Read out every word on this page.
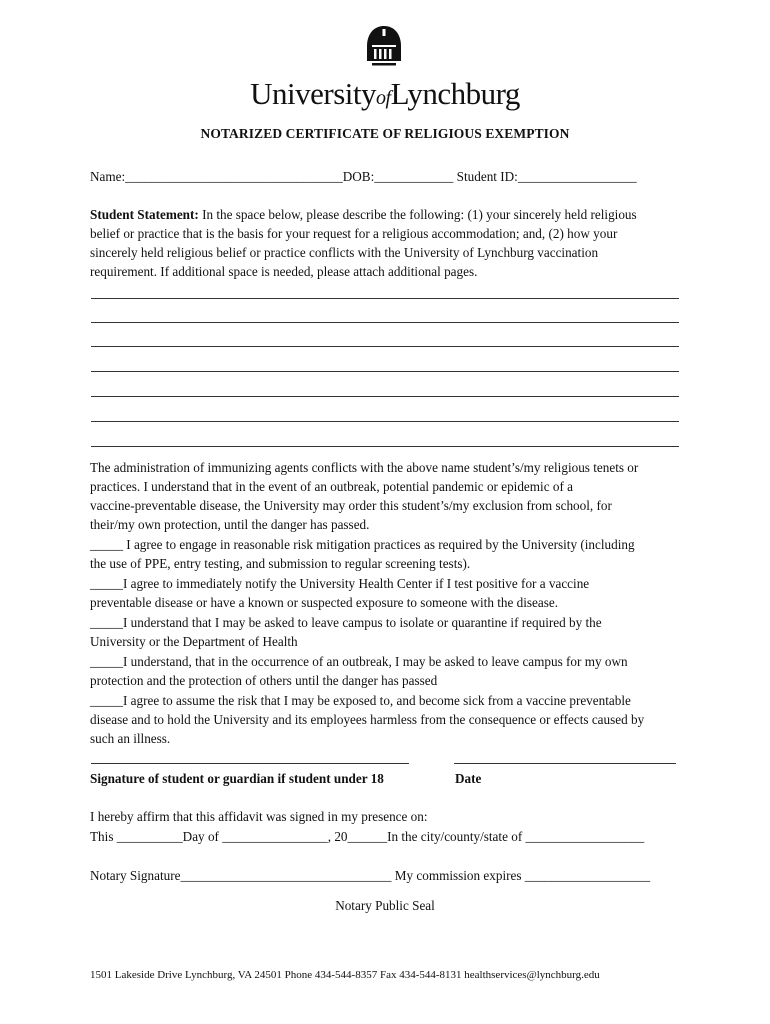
UniversityofLynchburg
NOTARIZED CERTIFICATE OF RELIGIOUS EXEMPTION
Name:_________________________________DOB:____________ Student ID:__________________
Student Statement: In the space below, please describe the following: (1) your sincerely held religious
belief or practice that is the basis for your request for a religious accommodation; and, (2) how your
sincerely held religious belief or practice conflicts with the University of Lynchburg vaccination
requirement. If additional space is needed, please attach additional pages.
The administration of immunizing agents conflicts with the above name student’s/my religious tenets or
practices. I understand that in the event of an outbreak, potential pandemic or epidemic of a
vaccine-preventable disease, the University may order this student’s/my exclusion from school, for
their/my own protection, until the danger has passed.
_____ I agree to engage in reasonable risk mitigation practices as required by the University (including
the use of PPE, entry testing, and submission to regular screening tests).
_____I agree to immediately notify the University Health Center if I test positive for a vaccine
preventable disease or have a known or suspected exposure to someone with the disease.
_____I understand that I may be asked to leave campus to isolate or quarantine if required by the
University or the Department of Health
_____I understand, that in the occurrence of an outbreak, I may be asked to leave campus for my own
protection and the protection of others until the danger has passed
_____I agree to assume the risk that I may be exposed to, and become sick from a vaccine preventable
disease and to hold the University and its employees harmless from the consequence or effects caused by
such an illness.
Signature of student or guardian if student under 18	Date
I hereby affirm that this affidavit was signed in my presence on:
This __________Day of ________________, 20______In the city/county/state of __________________
Notary Signature________________________________ My commission expires ___________________
Notary Public Seal
1501 Lakeside Drive Lynchburg, VA 24501 Phone 434-544-8357 Fax 434-544-8131 healthservices@lynchburg.edu
